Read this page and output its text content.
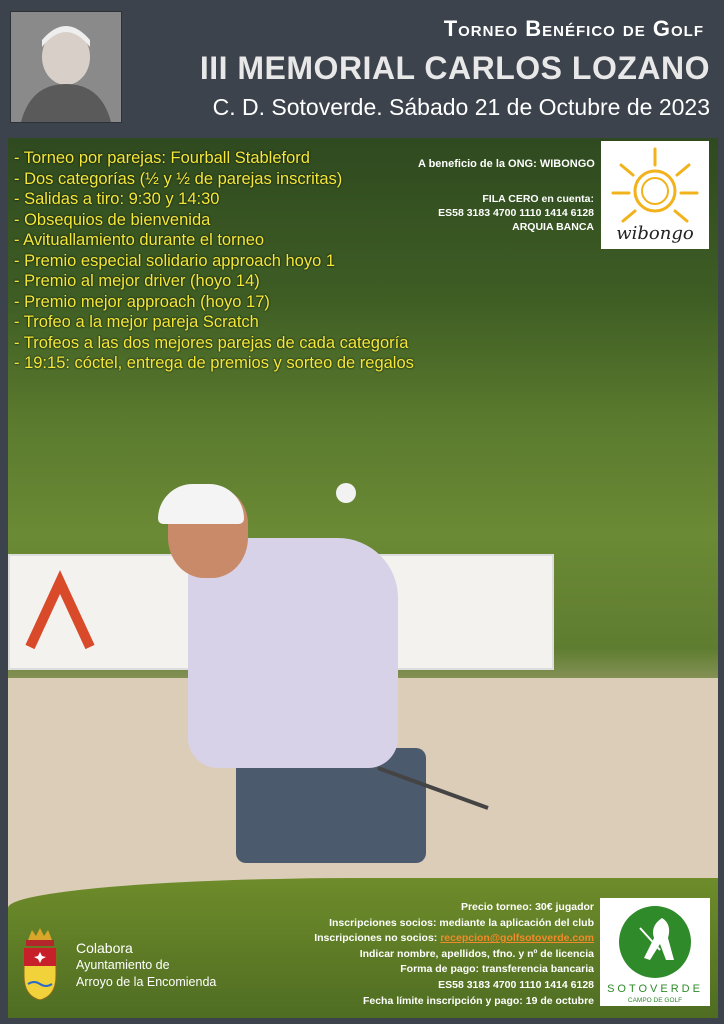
Torneo Benéfico de Golf
III MEMORIAL CARLOS LOZANO
C. D. Sotoverde. Sábado 21 de Octubre de 2023
- Torneo por parejas: Fourball Stableford
- Dos categorías (½ y ½ de parejas inscritas)
- Salidas a tiro: 9:30 y 14:30
- Obsequios de bienvenida
- Avituallamiento durante el torneo
- Premio especial solidario approach hoyo 1
- Premio al mejor driver (hoyo 14)
- Premio mejor approach (hoyo 17)
- Trofeo a la mejor pareja Scratch
- Trofeos a las dos mejores parejas de cada categoría
- 19:15: cóctel, entrega de premios y sorteo de regalos
A beneficio de la ONG: WIBONGO
FILA CERO en cuenta:
ES58 3183 4700 1110 1414 6128
ARQUIA BANCA wibongo
Precio torneo: 30€ jugador
Inscripciones socios: mediante la aplicación del club
Inscripciones no socios: recepcion@golfsotoverde.com
Indicar nombre, apellidos, tfno. y nº de licencia
Forma de pago: transferencia bancaria
ES58 3183 4700 1110 1414 6128
Fecha límite inscripción y pago: 19 de octubre
SOTOVERDE
CAMPO DE GOLF
Colabora
Ayuntamiento de
Arroyo de la Encomienda
